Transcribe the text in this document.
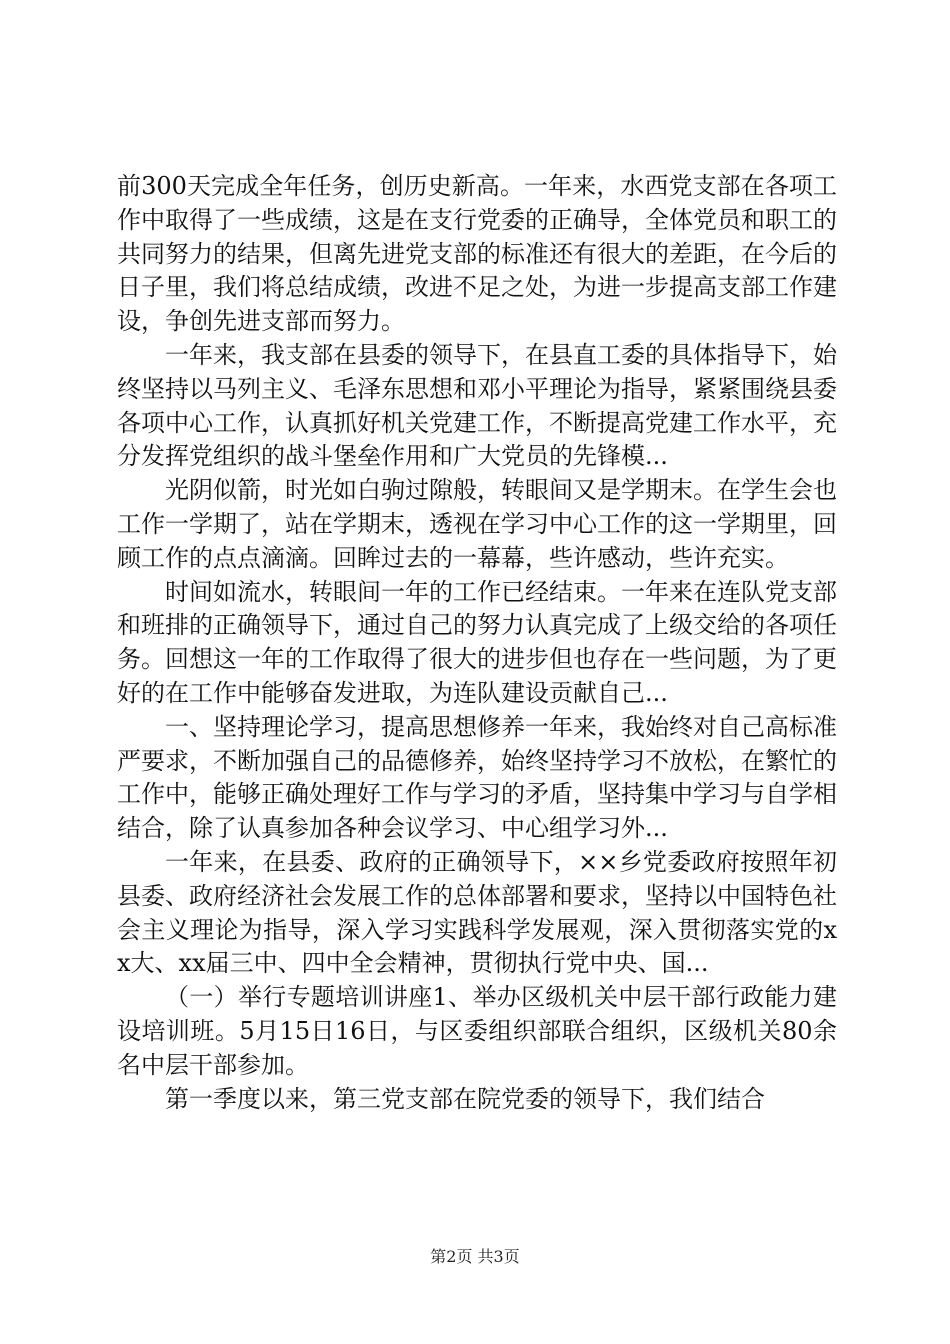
前300天完成全年任务，创历史新高。一年来，水西党支部在各项工作中取得了一些成绩，这是在支行党委的正确导，全体党员和职工的共同努力的结果，但离先进党支部的标准还有很大的差距，在今后的日子里，我们将总结成绩，改进不足之处，为进一步提高支部工作建设，争创先进支部而努力。

一年来，我支部在县委的领导下，在县直工委的具体指导下，始终坚持以马列主义、毛泽东思想和邓小平理论为指导，紧紧围绕县委各项中心工作，认真抓好机关党建工作，不断提高党建工作水平，充分发挥党组织的战斗堡垒作用和广大党员的先锋模...

光阴似箭，时光如白驹过隙般，转眼间又是学期末。在学生会也工作一学期了，站在学期末，透视在学习中心工作的这一学期里，回顾工作的点点滴滴。回眸过去的一幕幕，些许感动，些许充实。

时间如流水，转眼间一年的工作已经结束。一年来在连队党支部和班排的正确领导下，通过自己的努力认真完成了上级交给的各项任务。回想这一年的工作取得了很大的进步但也存在一些问题，为了更好的在工作中能够奋发进取，为连队建设贡献自己...

一、坚持理论学习，提高思想修养一年来，我始终对自己高标准严要求，不断加强自己的品德修养，始终坚持学习不放松，在繁忙的工作中，能够正确处理好工作与学习的矛盾，坚持集中学习与自学相结合，除了认真参加各种会议学习、中心组学习外...

一年来，在县委、政府的正确领导下，××乡党委政府按照年初县委、政府经济社会发展工作的总体部署和要求，坚持以中国特色社会主义理论为指导，深入学习实践科学发展观，深入贯彻落实党的xx大、xx届三中、四中全会精神，贯彻执行党中央、国...

（一）举行专题培训讲座1、举办区级机关中层干部行政能力建设培训班。5月15日16日，与区委组织部联合组织，区级机关80余名中层干部参加。

第一季度以来，第三党支部在院党委的领导下，我们结合

第2页 共3页
